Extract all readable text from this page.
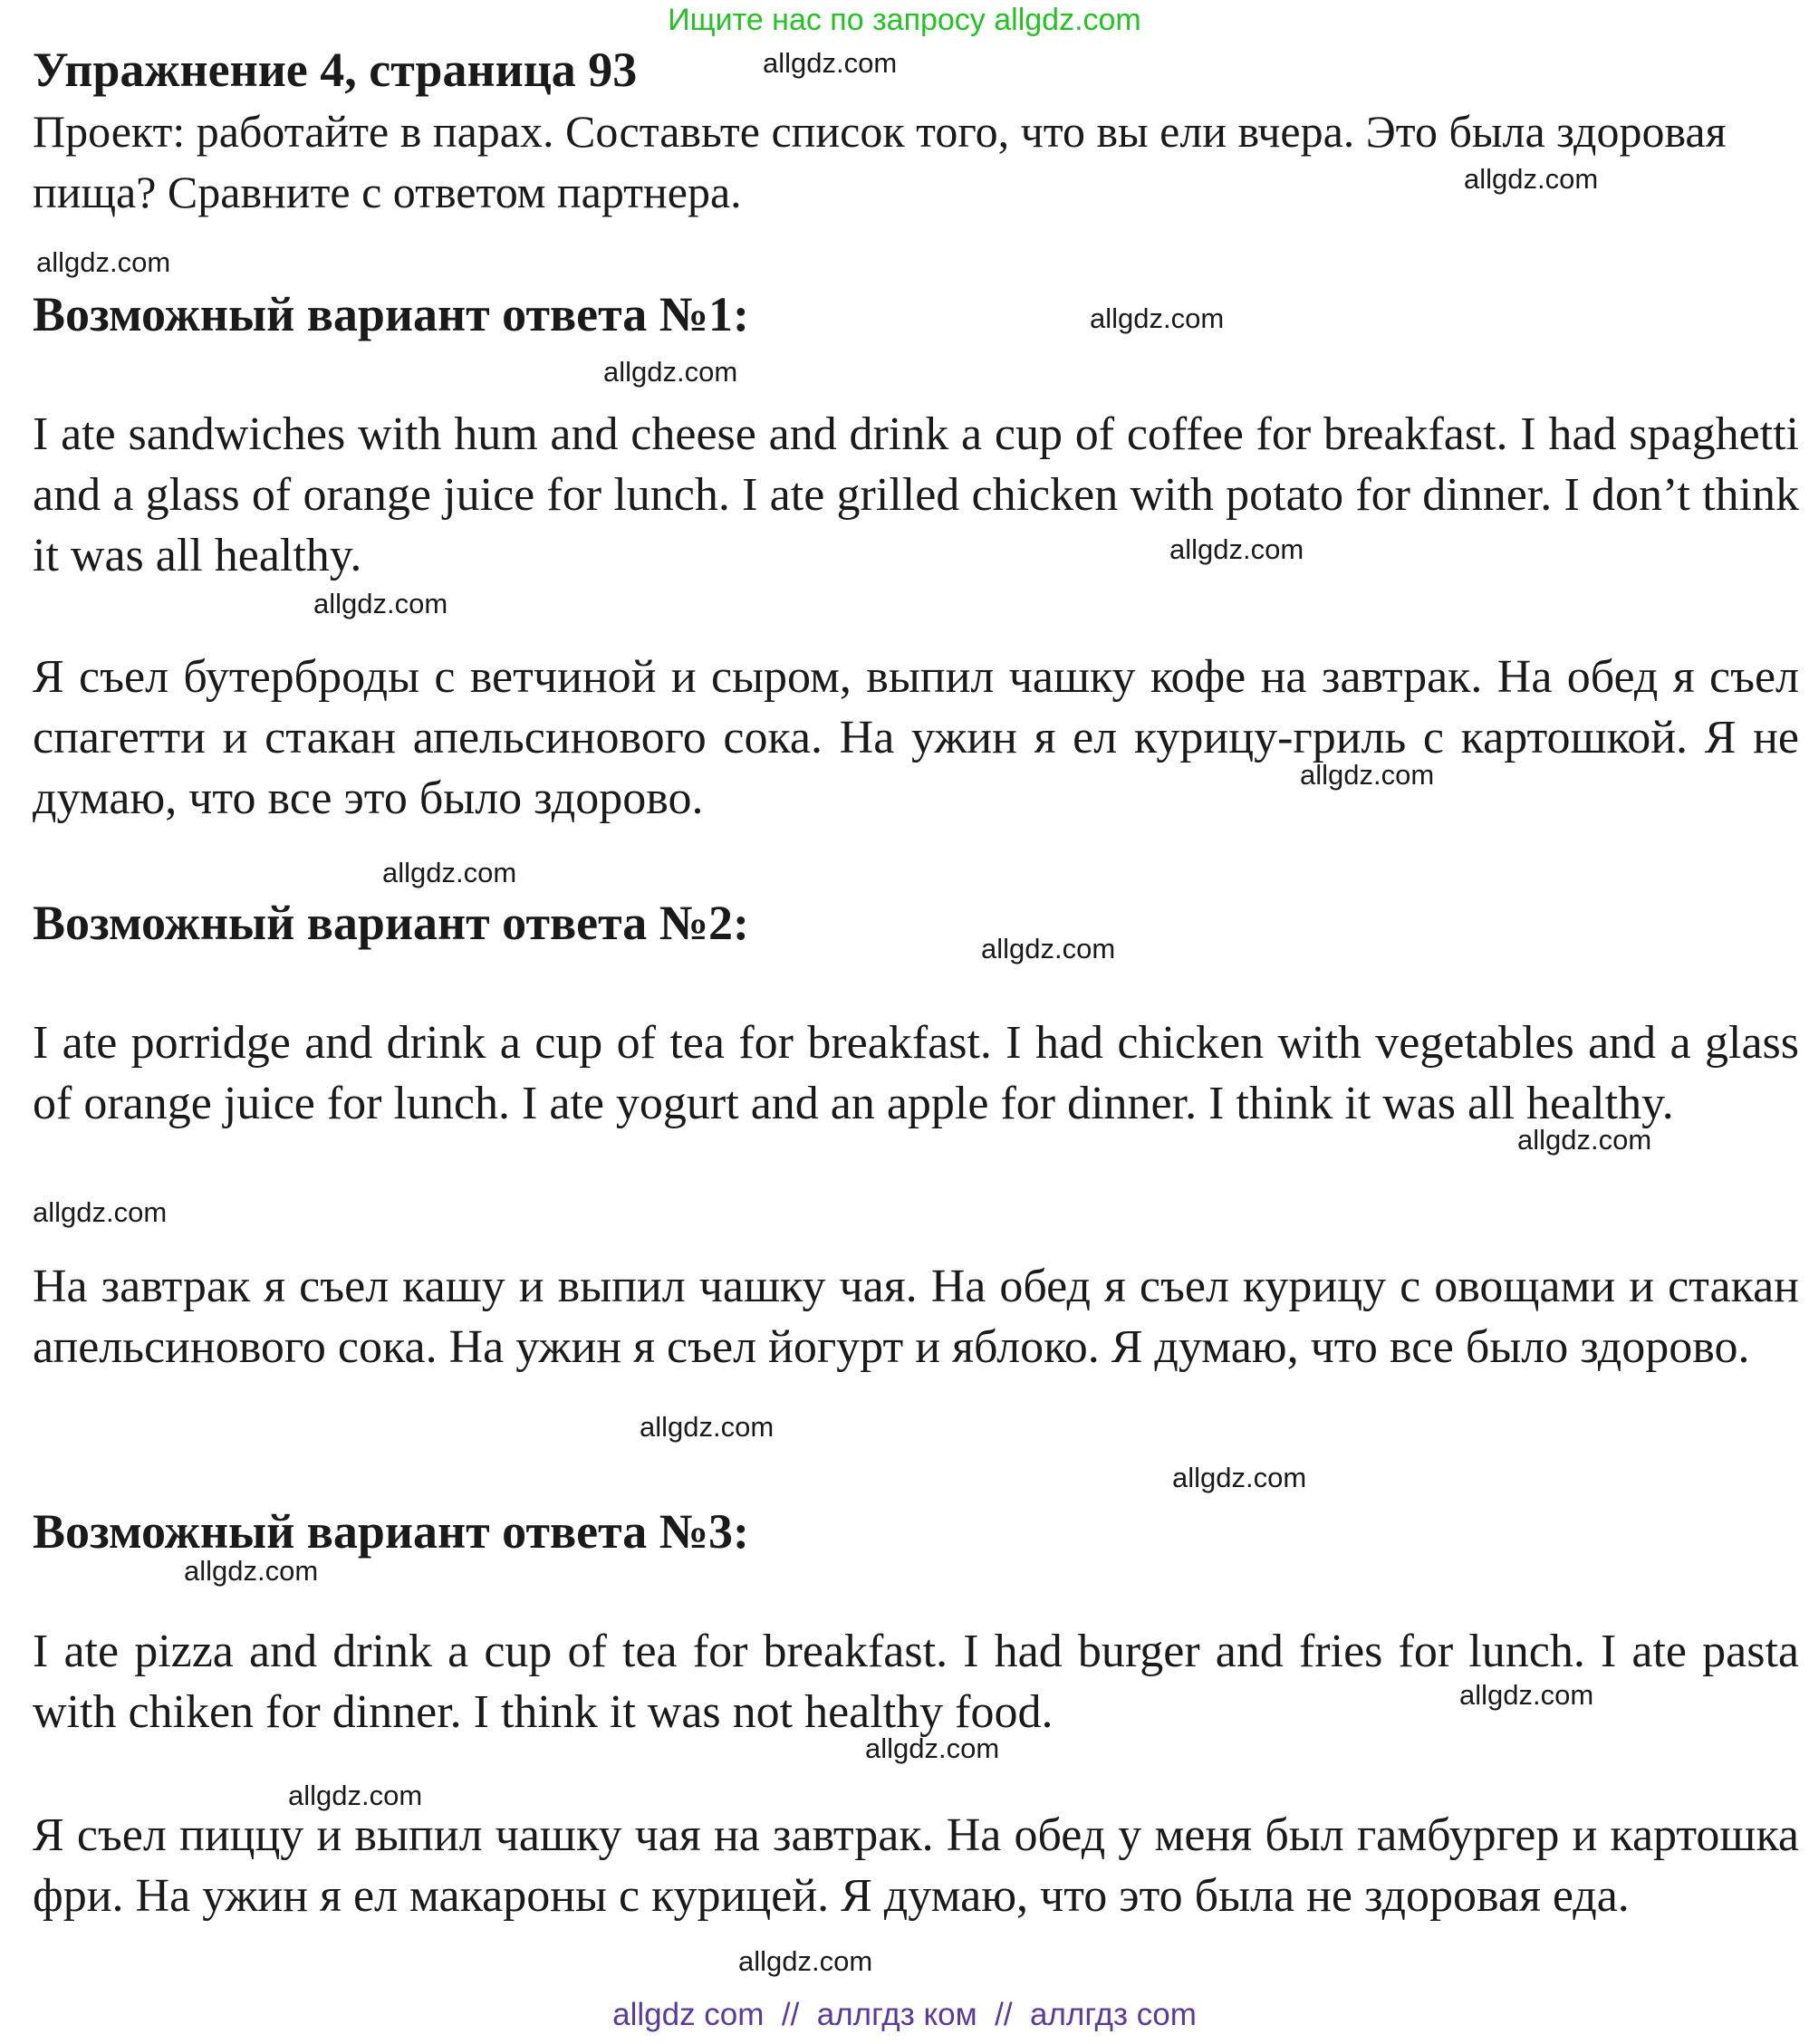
Ищите нас по запросу allgdz.com
Упражнение 4, страница 93

Проект: работайте в парах. Составьте список того, что вы ели вчера. Это была здоровая пища? Сравните с ответом партнера.

Возможный вариант ответа №1:

I ate sandwiches with hum and cheese and drink a cup of coffee for breakfast. I had spaghetti and a glass of orange juice for lunch. I ate grilled chicken with potato for dinner. I don’t think it was all healthy.

Я съел бутерброды с ветчиной и сыром, выпил чашку кофе на завтрак. На обед я съел спагетти и стакан апельсинового сока. На ужин я ел курицу-гриль с картошкой. Я не думаю, что все это было здорово.

Возможный вариант ответа №2:

I ate porridge and drink a cup of tea for breakfast. I had chicken with vegetables and a glass of orange juice for lunch. I ate yogurt and an apple for dinner. I think it was all healthy.

На завтрак я съел кашу и выпил чашку чая. На обед я съел курицу с овощами и стакан апельсинового сока. На ужин я съел йогурт и яблоко. Я думаю, что все было здорово.

Возможный вариант ответа №3:

I ate pizza and drink a cup of tea for breakfast. I had burger and fries for lunch. I ate pasta with chiken for dinner. I think it was not healthy food.

Я съел пиццу и выпил чашку чая на завтрак. На обед у меня был гамбургер и картошка фри. На ужин я ел макароны с курицей. Я думаю, что это была не здоровая еда.

allgdz.com
allgdz.com
allgdz.com
allgdz.com
allgdz.com
allgdz.com
allgdz.com
allgdz.com
allgdz.com
allgdz.com
allgdz.com
allgdz.com
allgdz.com
allgdz.com
allgdz.com
allgdz.com
allgdz.com
allgdz.com
allgdz.com
allgdz com  //  аллгдз ком  //  аллгдз com
